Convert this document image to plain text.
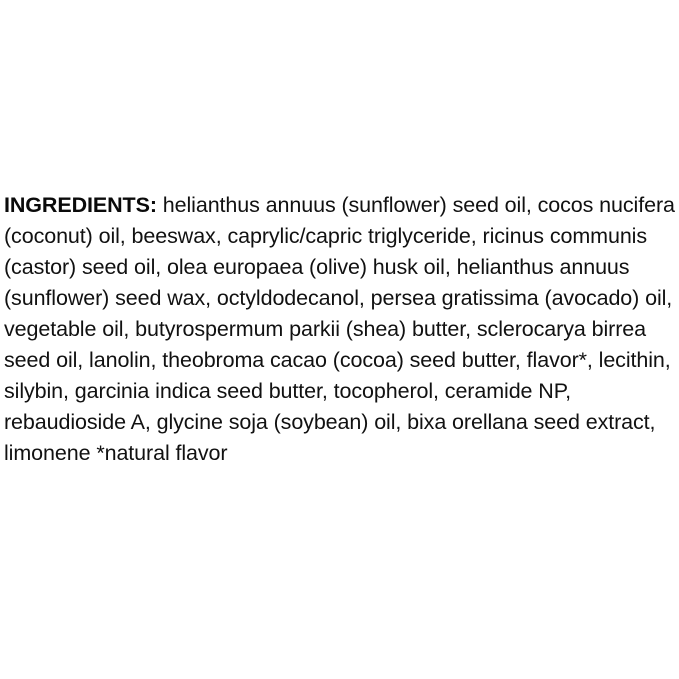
INGREDIENTS: helianthus annuus (sunflower) seed oil, cocos nucifera (coconut) oil, beeswax, caprylic/capric triglyceride, ricinus communis (castor) seed oil, olea europaea (olive) husk oil, helianthus annuus (sunflower) seed wax, octyldodecanol, persea gratissima (avocado) oil, vegetable oil, butyrospermum parkii (shea) butter, sclerocarya birrea seed oil, lanolin, theobroma cacao (cocoa) seed butter, flavor*, lecithin, silybin, garcinia indica seed butter, tocopherol, ceramide NP, rebaudioside A, glycine soja (soybean) oil, bixa orellana seed extract, limonene *natural flavor
